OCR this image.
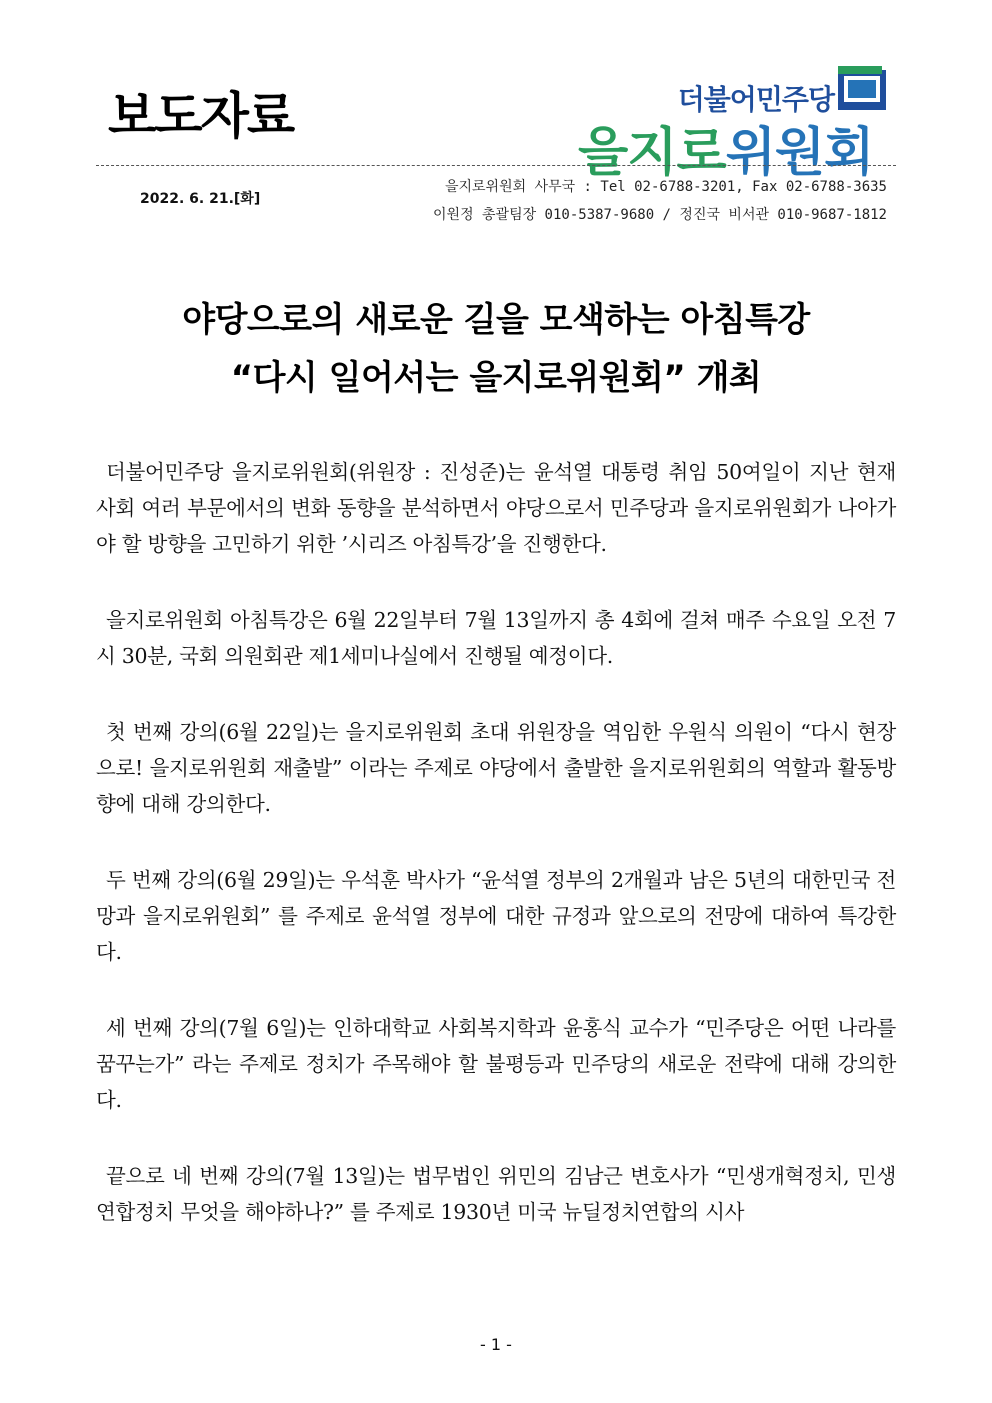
보도자료	더불어민주당
을지로위원회
2022. 6. 21.[화]
을지로위원회 사무국 : Tel 02-6788-3201, Fax 02-6788-3635
이원정 총괄팀장 010-5387-9680 / 정진국 비서관 010-9687-1812
야당으로의 새로운 길을 모색하는 아침특강
“다시 일어서는 을지로위원회” 개최

더불어민주당 을지로위원회(위원장 : 진성준)는 윤석열 대통령 취임 50여일이 지난 현재 사회 여러 부문에서의 변화 동향을 분석하면서 야당으로서 민주당과 을지로위원회가 나아가야 할 방향을 고민하기 위한 ’시리즈 아침특강’을 진행한다.

을지로위원회 아침특강은 6월 22일부터 7월 13일까지 총 4회에 걸쳐 매주 수요일 오전 7시 30분, 국회 의원회관 제1세미나실에서 진행될 예정이다.

첫 번째 강의(6월 22일)는 을지로위원회 초대 위원장을 역임한 우원식 의원이 “다시 현장으로! 을지로위원회 재출발” 이라는 주제로 야당에서 출발한 을지로위원회의 역할과 활동방향에 대해 강의한다.

두 번째 강의(6월 29일)는 우석훈 박사가 “윤석열 정부의 2개월과 남은 5년의 대한민국 전망과 을지로위원회” 를 주제로 윤석열 정부에 대한 규정과 앞으로의 전망에 대하여 특강한다.

세 번째 강의(7월 6일)는 인하대학교 사회복지학과 윤홍식 교수가 “민주당은 어떤 나라를 꿈꾸는가” 라는 주제로 정치가 주목해야 할 불평등과 민주당의 새로운 전략에 대해 강의한다.

끝으로 네 번째 강의(7월 13일)는 법무법인 위민의 김남근 변호사가 “민생개혁정치, 민생연합정치 무엇을 해야하나?” 를 주제로 1930년 미국 뉴딜정치연합의 시사

- 1 -
